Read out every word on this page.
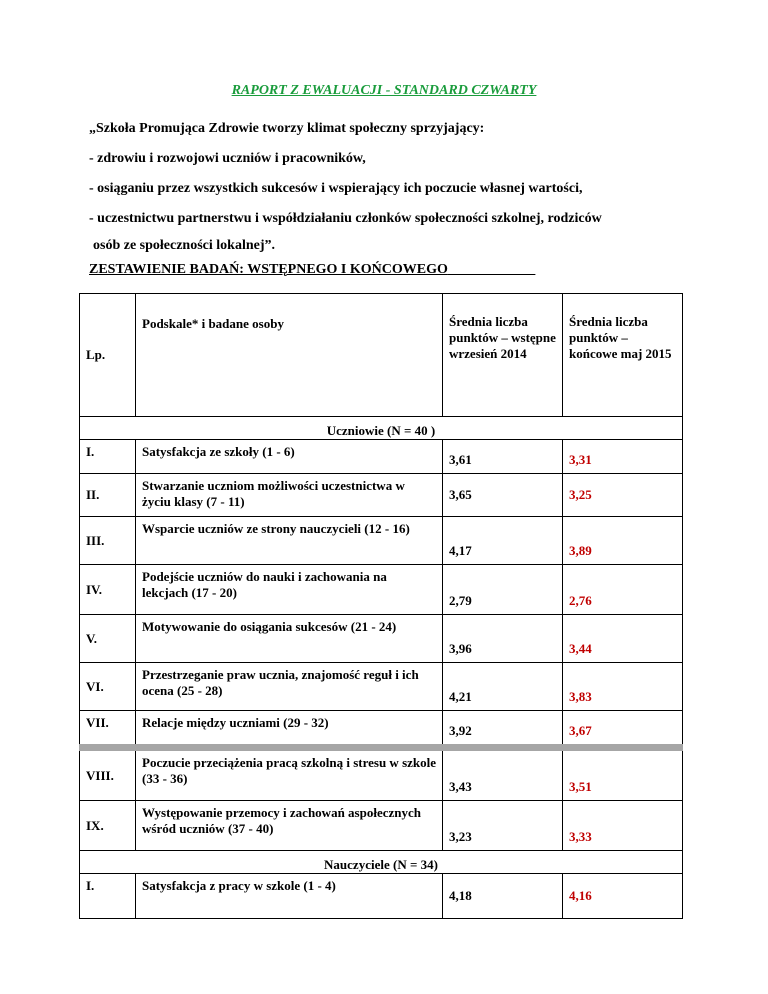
RAPORT Z EWALUACJI - STANDARD CZWARTY
„Szkoła Promująca Zdrowie tworzy klimat społeczny sprzyjający:
- zdrowiu i rozwojowi uczniów i pracowników,
- osiąganiu przez wszystkich sukcesów i wspierający ich poczucie własnej wartości,
- uczestnictwu partnerstwu i współdziałaniu członków społeczności szkolnej, rodziców
osób ze społeczności lokalnej”.
ZESTAWIENIE BADAŃ: WSTĘPNEGO I KOŃCOWEGO
Lp.	Podskale* i badane osoby	Średnia liczba punktów – wstępne wrzesień 2014	Średnia liczba punktów – końcowe maj 2015
Uczniowie (N = 40 )			
I.	Satysfakcja ze szkoły (1 - 6)	3,61	3,31
II.	Stwarzanie uczniom możliwości uczestnictwa w życiu klasy (7 - 11)	3,65	3,25
III.	Wsparcie uczniów ze strony nauczycieli (12 - 16)	4,17	3,89
IV.	Podejście uczniów do nauki i zachowania na lekcjach (17 - 20)	2,79	2,76
V.	Motywowanie do osiągania sukcesów (21 - 24)	3,96	3,44
VI.	Przestrzeganie praw ucznia, znajomość reguł i ich ocena (25 - 28)	4,21	3,83
VII.	Relacje między uczniami (29 - 32)	3,92	3,67
VIII.	Poczucie przeciążenia pracą szkolną i stresu w szkole (33 - 36)	3,43	3,51
IX.	Występowanie przemocy i zachowań aspołecznych wśród uczniów (37 - 40)	3,23	3,33
Nauczyciele (N = 34)			
I.	Satysfakcja z pracy w szkole (1 - 4)	4,18	4,16
